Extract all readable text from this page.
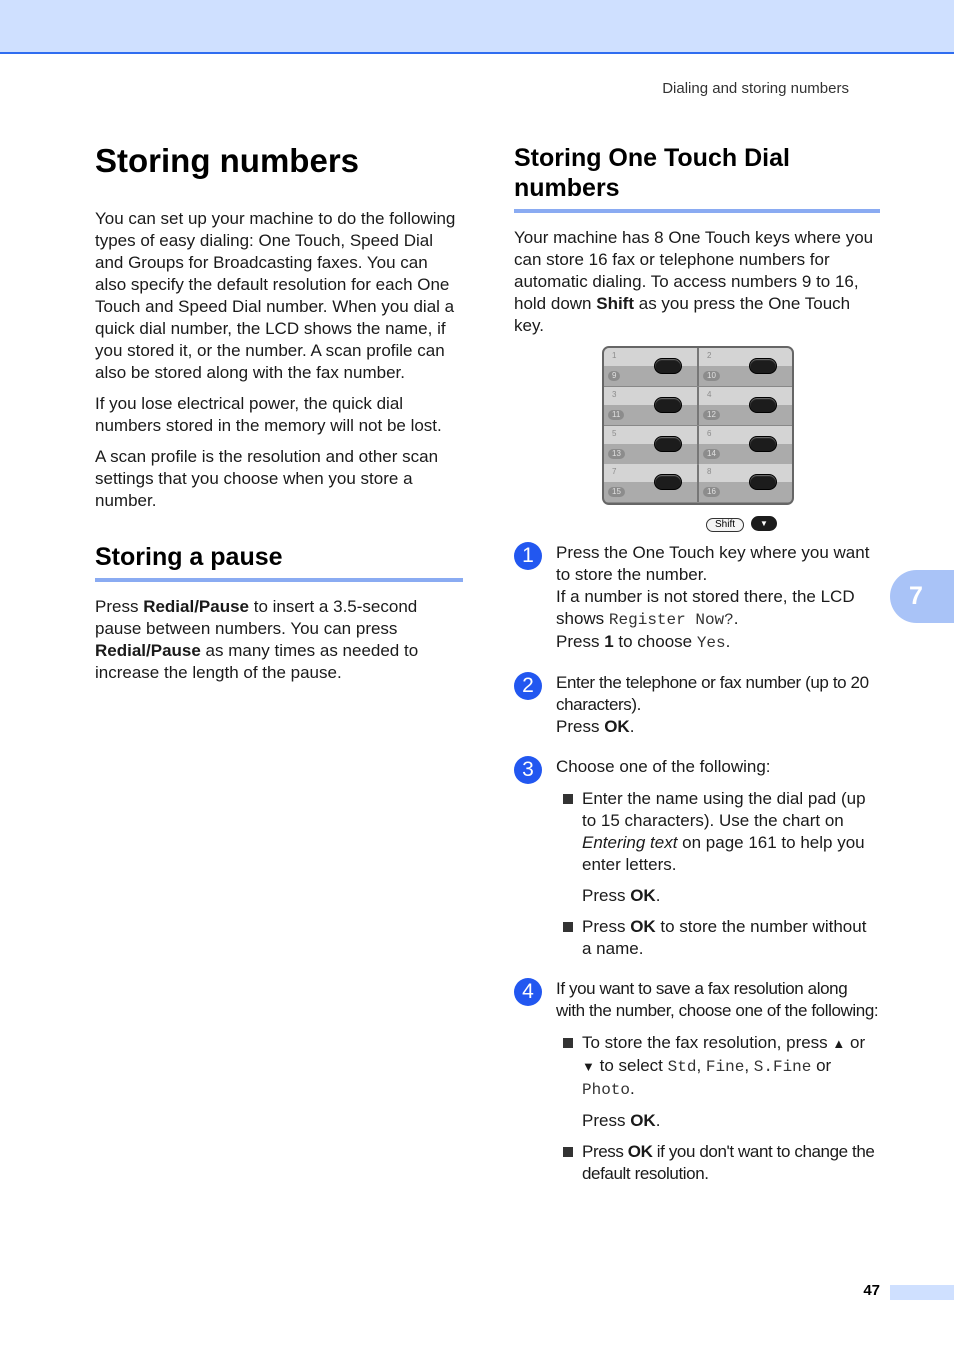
Dialing and storing numbers
Storing numbers

You can set up your machine to do the following types of easy dialing: One Touch, Speed Dial and Groups for Broadcasting faxes. You can also specify the default resolution for each One Touch and Speed Dial number. When you dial a quick dial number, the LCD shows the name, if you stored it, or the number. A scan profile can also be stored along with the fax number.

If you lose electrical power, the quick dial numbers stored in the memory will not be lost.

A scan profile is the resolution and other scan settings that you choose when you store a number.

Storing a pause

Press Redial/Pause to insert a 3.5-second pause between numbers. You can press Redial/Pause as many times as needed to increase the length of the pause.

Storing One Touch Dial numbers

Your machine has 8 One Touch keys where you can store 16 fax or telephone numbers for automatic dialing. To access numbers 9 to 16, hold down Shift as you press the One Touch key.

1
9
2
10
3
11
4
12
5
13
6
14
7
15
8
16
Shift	▼
1	Press the One Touch key where you want to store the number.

If a number is not stored there, the LCD shows Register Now?.

Press 1 to choose Yes.

2	Enter the telephone or fax number (up to 20 characters).

Press OK.

3	Choose one of the following:

Enter the name using the dial pad (up to 15 characters). Use the chart on Entering text on page 161 to help you enter letters.

Press OK.

Press OK to store the number without a name.

4	If you want to save a fax resolution along with the number, choose one of the following:

To store the fax resolution, press ▲ or ▼ to select Std, Fine, S.Fine or Photo.

Press OK.

Press OK if you don't want to change the default resolution.

7
47
